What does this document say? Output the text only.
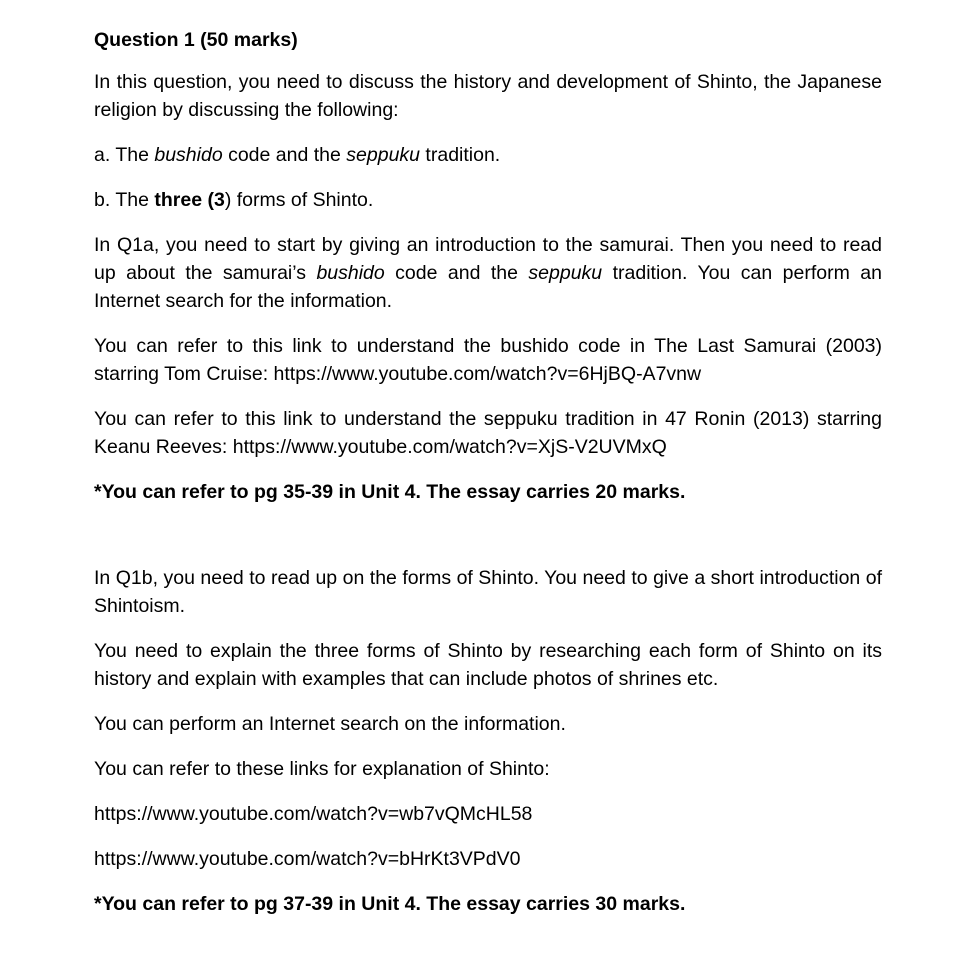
Question 1 (50 marks)

In this question, you need to discuss the history and development of Shinto, the Japanese religion by discussing the following:

a. The bushido code and the seppuku tradition.

b. The three (3) forms of Shinto.

In Q1a, you need to start by giving an introduction to the samurai. Then you need to read up about the samurai’s bushido code and the seppuku tradition. You can perform an Internet search for the information.

You can refer to this link to understand the bushido code in The Last Samurai (2003) starring Tom Cruise: https://www.youtube.com/watch?v=6HjBQ-A7vnw

You can refer to this link to understand the seppuku tradition in 47 Ronin (2013) starring Keanu Reeves: https://www.youtube.com/watch?v=XjS-V2UVMxQ

*You can refer to pg 35-39 in Unit 4. The essay carries 20 marks.

In Q1b, you need to read up on the forms of Shinto. You need to give a short introduction of Shintoism.

You need to explain the three forms of Shinto by researching each form of Shinto on its history and explain with examples that can include photos of shrines etc.

You can perform an Internet search on the information.

You can refer to these links for explanation of Shinto:

https://www.youtube.com/watch?v=wb7vQMcHL58

https://www.youtube.com/watch?v=bHrKt3VPdV0

*You can refer to pg 37-39 in Unit 4. The essay carries 30 marks.
